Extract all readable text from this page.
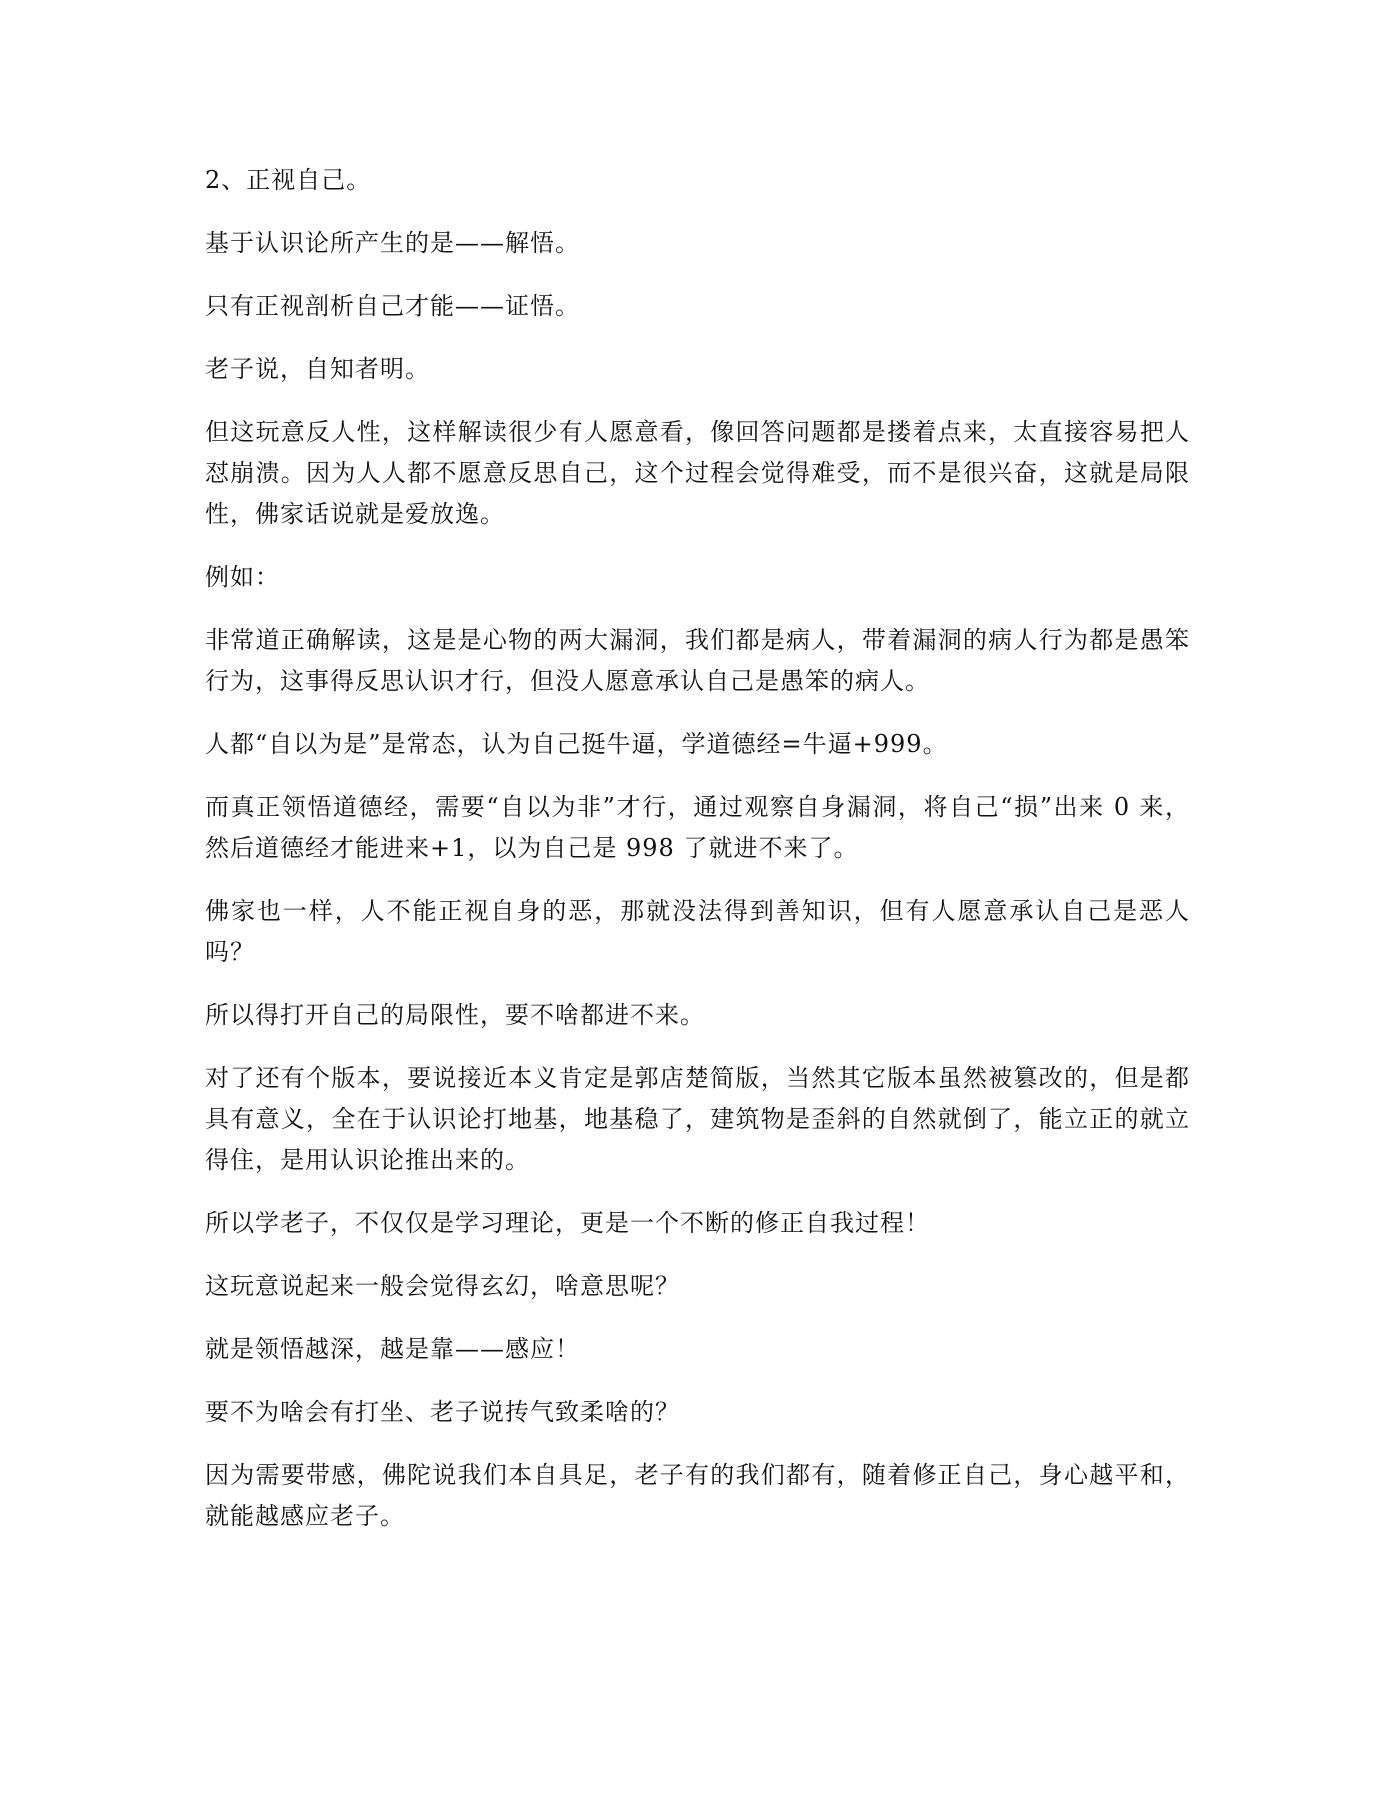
2、正视自己。

基于认识论所产生的是——解悟。

只有正视剖析自己才能——证悟。

老子说，自知者明。

但这玩意反人性，这样解读很少有人愿意看，像回答问题都是搂着点来，太直接容易把人怼崩溃。因为人人都不愿意反思自己，这个过程会觉得难受，而不是很兴奋，这就是局限性，佛家话说就是爱放逸。

例如：

非常道正确解读，这是是心物的两大漏洞，我们都是病人，带着漏洞的病人行为都是愚笨行为，这事得反思认识才行，但没人愿意承认自己是愚笨的病人。

人都“自以为是”是常态，认为自己挺牛逼，学道德经=牛逼+999。

而真正领悟道德经，需要“自以为非”才行，通过观察自身漏洞，将自己“损”出来 0 来，然后道德经才能进来+1，以为自己是 998 了就进不来了。

佛家也一样，人不能正视自身的恶，那就没法得到善知识，但有人愿意承认自己是恶人吗？

所以得打开自己的局限性，要不啥都进不来。

对了还有个版本，要说接近本义肯定是郭店楚简版，当然其它版本虽然被篡改的，但是都具有意义，全在于认识论打地基，地基稳了，建筑物是歪斜的自然就倒了，能立正的就立得住，是用认识论推出来的。

所以学老子，不仅仅是学习理论，更是一个不断的修正自我过程！

这玩意说起来一般会觉得玄幻，啥意思呢？

就是领悟越深，越是靠——感应！

要不为啥会有打坐、老子说抟气致柔啥的？

因为需要带感，佛陀说我们本自具足，老子有的我们都有，随着修正自己，身心越平和，就能越感应老子。
